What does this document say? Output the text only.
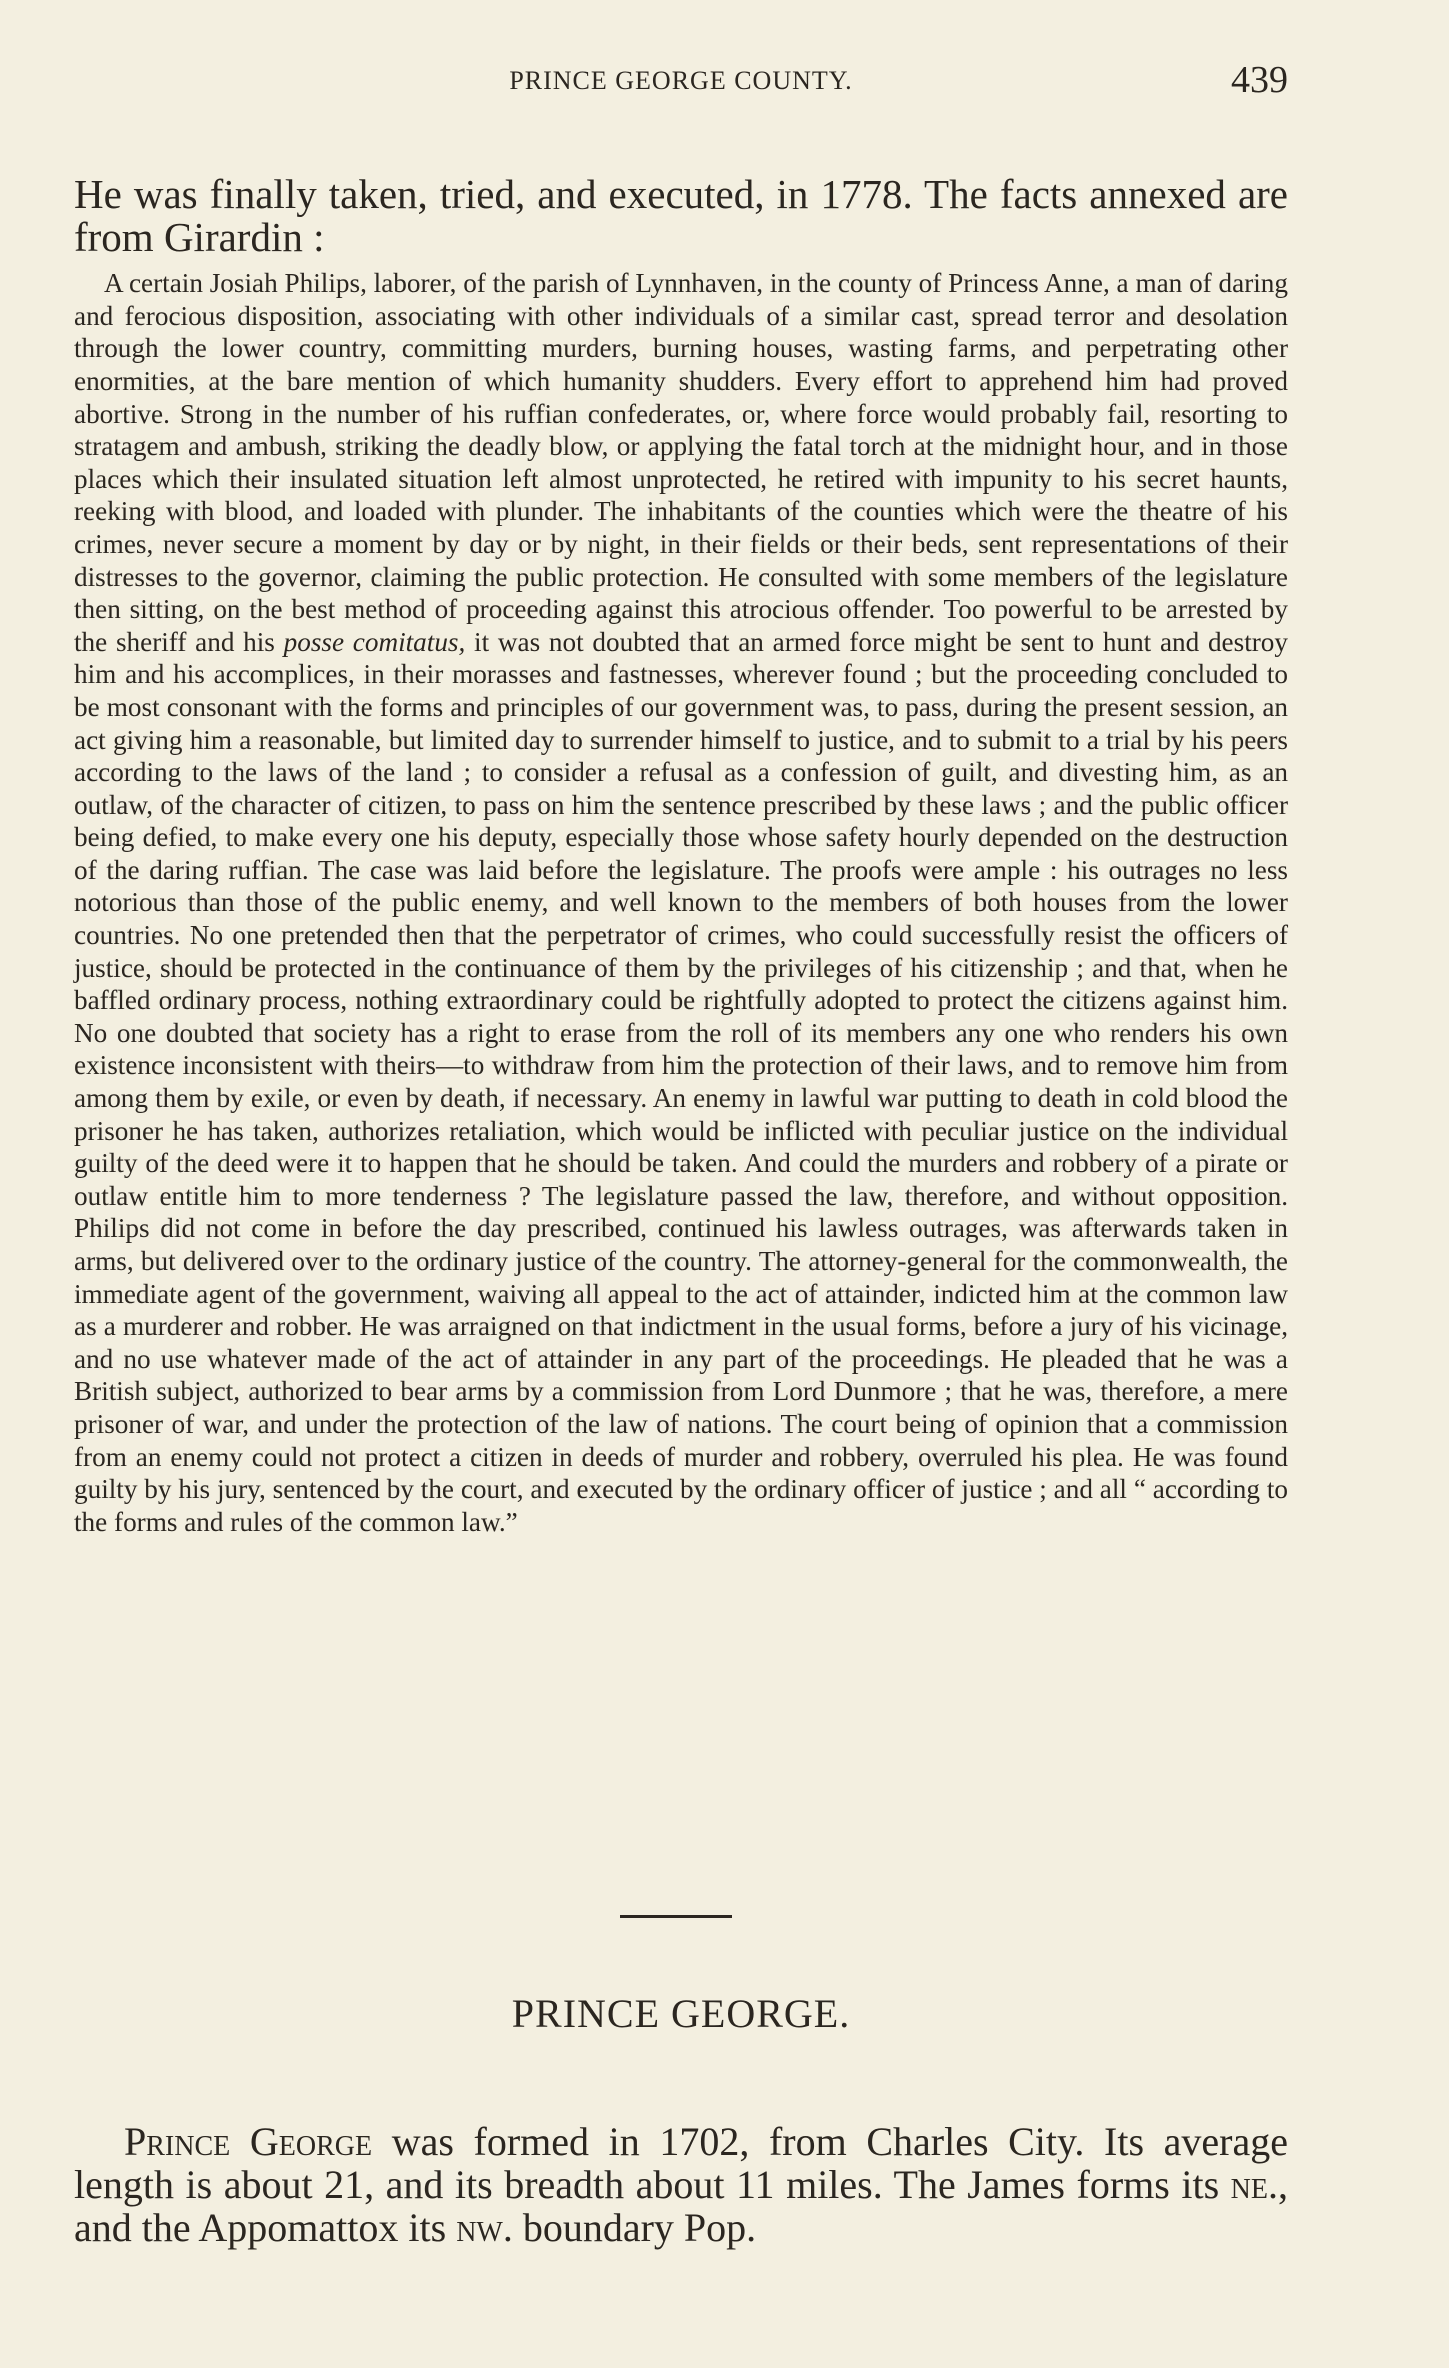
PRINCE GEORGE COUNTY.	439

He was finally taken, tried, and executed, in 1778. The facts annexed are from Girardin :

A certain Josiah Philips, laborer, of the parish of Lynnhaven, in the county of Princess Anne, a man of daring and ferocious disposition, associating with other individuals of a similar cast, spread terror and desolation through the lower country, committing murders, burning houses, wasting farms, and perpetrating other enormities, at the bare mention of which humanity shudders. Every effort to apprehend him had proved abortive. Strong in the number of his ruffian confederates, or, where force would probably fail, resorting to stratagem and ambush, striking the deadly blow, or applying the fatal torch at the midnight hour, and in those places which their insulated situation left almost unprotected, he retired with impunity to his secret haunts, reeking with blood, and loaded with plunder. The inhabitants of the counties which were the theatre of his crimes, never secure a moment by day or by night, in their fields or their beds, sent representations of their distresses to the governor, claiming the public protection. He consulted with some members of the legislature then sitting, on the best method of proceeding against this atrocious offender. Too powerful to be arrested by the sheriff and his posse comitatus, it was not doubted that an armed force might be sent to hunt and destroy him and his accomplices, in their morasses and fastnesses, wherever found ; but the proceeding concluded to be most consonant with the forms and principles of our government was, to pass, during the present session, an act giving him a reasonable, but limited day to surrender himself to justice, and to submit to a trial by his peers according to the laws of the land ; to consider a refusal as a confession of guilt, and divesting him, as an outlaw, of the character of citizen, to pass on him the sentence prescribed by these laws ; and the public officer being defied, to make every one his deputy, especially those whose safety hourly depended on the destruction of the daring ruffian. The case was laid before the legislature. The proofs were ample : his outrages no less notorious than those of the public enemy, and well known to the members of both houses from the lower countries. No one pretended then that the perpetrator of crimes, who could successfully resist the officers of justice, should be protected in the continuance of them by the privileges of his citizenship ; and that, when he baffled ordinary process, nothing extraordinary could be rightfully adopted to protect the citizens against him. No one doubted that society has a right to erase from the roll of its members any one who renders his own existence inconsistent with theirs—to withdraw from him the protection of their laws, and to remove him from among them by exile, or even by death, if necessary. An enemy in lawful war putting to death in cold blood the prisoner he has taken, authorizes retaliation, which would be inflicted with peculiar justice on the individual guilty of the deed were it to happen that he should be taken. And could the murders and robbery of a pirate or outlaw entitle him to more tenderness ? The legislature passed the law, therefore, and without opposition. Philips did not come in before the day prescribed, continued his lawless outrages, was afterwards taken in arms, but delivered over to the ordinary justice of the country. The attorney-general for the commonwealth, the immediate agent of the government, waiving all appeal to the act of attainder, indicted him at the common law as a murderer and robber. He was arraigned on that indictment in the usual forms, before a jury of his vicinage, and no use whatever made of the act of attainder in any part of the proceedings. He pleaded that he was a British subject, authorized to bear arms by a commission from Lord Dunmore ; that he was, therefore, a mere prisoner of war, and under the protection of the law of nations. The court being of opinion that a commission from an enemy could not protect a citizen in deeds of murder and robbery, overruled his plea. He was found guilty by his jury, sentenced by the court, and executed by the ordinary officer of justice ; and all “ according to the forms and rules of the common law.”

PRINCE GEORGE.

Prince George was formed in 1702, from Charles City. Its average length is about 21, and its breadth about 11 miles. The James forms its ne., and the Appomattox its nw. boundary Pop.
